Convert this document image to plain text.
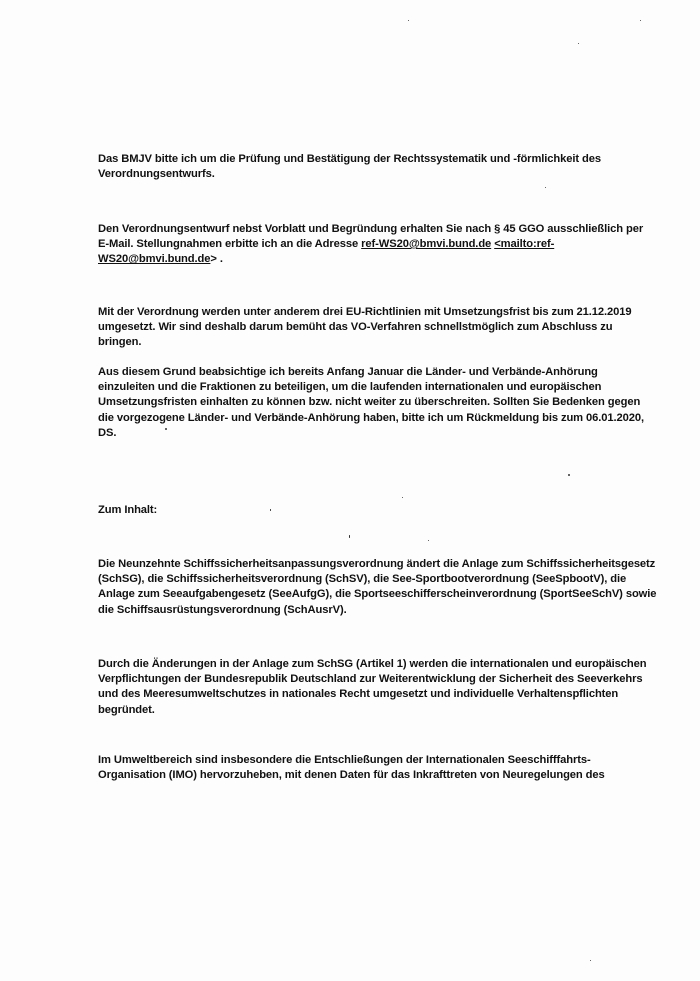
Das BMJV bitte ich um die Prüfung und Bestätigung der Rechtssystematik und -förmlichkeit des
Verordnungsentwurfs.
Den Verordnungsentwurf nebst Vorblatt und Begründung erhalten Sie nach § 45 GGO ausschließlich per
E-Mail. Stellungnahmen erbitte ich an die Adresse ref-WS20@bmvi.bund.de <mailto:ref-
WS20@bmvi.bund.de> .
Mit der Verordnung werden unter anderem drei EU-Richtlinien mit Umsetzungsfrist bis zum 21.12.2019
umgesetzt. Wir sind deshalb darum bemüht das VO-Verfahren schnellstmöglich zum Abschluss zu
bringen.
Aus diesem Grund beabsichtige ich bereits Anfang Januar die Länder- und Verbände-Anhörung
einzuleiten und die Fraktionen zu beteiligen, um die laufenden internationalen und europäischen
Umsetzungsfristen einhalten zu können bzw. nicht weiter zu überschreiten. Sollten Sie Bedenken gegen
die vorgezogene Länder- und Verbände-Anhörung haben, bitte ich um Rückmeldung bis zum 06.01.2020,
DS.
Zum Inhalt:
Die Neunzehnte Schiffssicherheitsanpassungsverordnung ändert die Anlage zum Schiffssicherheitsgesetz
(SchSG), die Schiffssicherheitsverordnung (SchSV), die See-Sportbootverordnung (SeeSpbootV), die
Anlage zum Seeaufgabengesetz (SeeAufgG), die Sportseeschifferscheinverordnung (SportSeeSchV) sowie
die Schiffsausrüstungsverordnung (SchAusrV).
Durch die Änderungen in der Anlage zum SchSG (Artikel 1) werden die internationalen und europäischen
Verpflichtungen der Bundesrepublik Deutschland zur Weiterentwicklung der Sicherheit des Seeverkehrs
und des Meeresumweltschutzes in nationales Recht umgesetzt und individuelle Verhaltenspflichten
begründet.
Im Umweltbereich sind insbesondere die Entschließungen der Internationalen Seeschifffahrts-
Organisation (IMO) hervorzuheben, mit denen Daten für das Inkrafttreten von Neuregelungen des
